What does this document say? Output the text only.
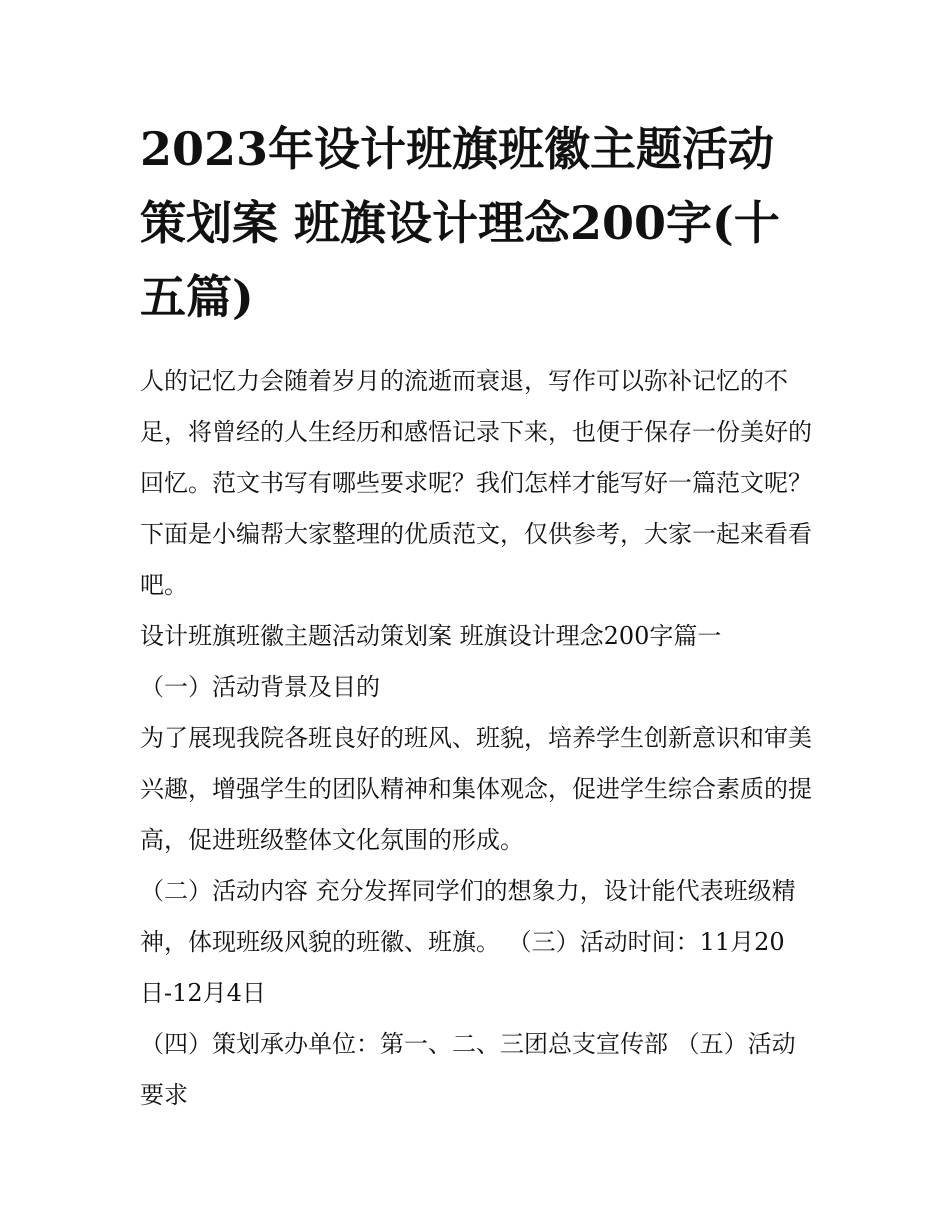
2023年设计班旗班徽主题活动策划案 班旗设计理念200字(十五篇)

人的记忆力会随着岁月的流逝而衰退，写作可以弥补记忆的不足，将曾经的人生经历和感悟记录下来，也便于保存一份美好的回忆。范文书写有哪些要求呢？我们怎样才能写好一篇范文呢？下面是小编帮大家整理的优质范文，仅供参考，大家一起来看看吧。

设计班旗班徽主题活动策划案 班旗设计理念200字篇一

（一）活动背景及目的

为了展现我院各班良好的班风、班貌，培养学生创新意识和审美兴趣，增强学生的团队精神和集体观念，促进学生综合素质的提高，促进班级整体文化氛围的形成。

（二）活动内容 充分发挥同学们的想象力，设计能代表班级精神，体现班级风貌的班徽、班旗。 （三）活动时间：11月20日-12月4日

（四）策划承办单位：第一、二、三团总支宣传部 （五）活动要求
